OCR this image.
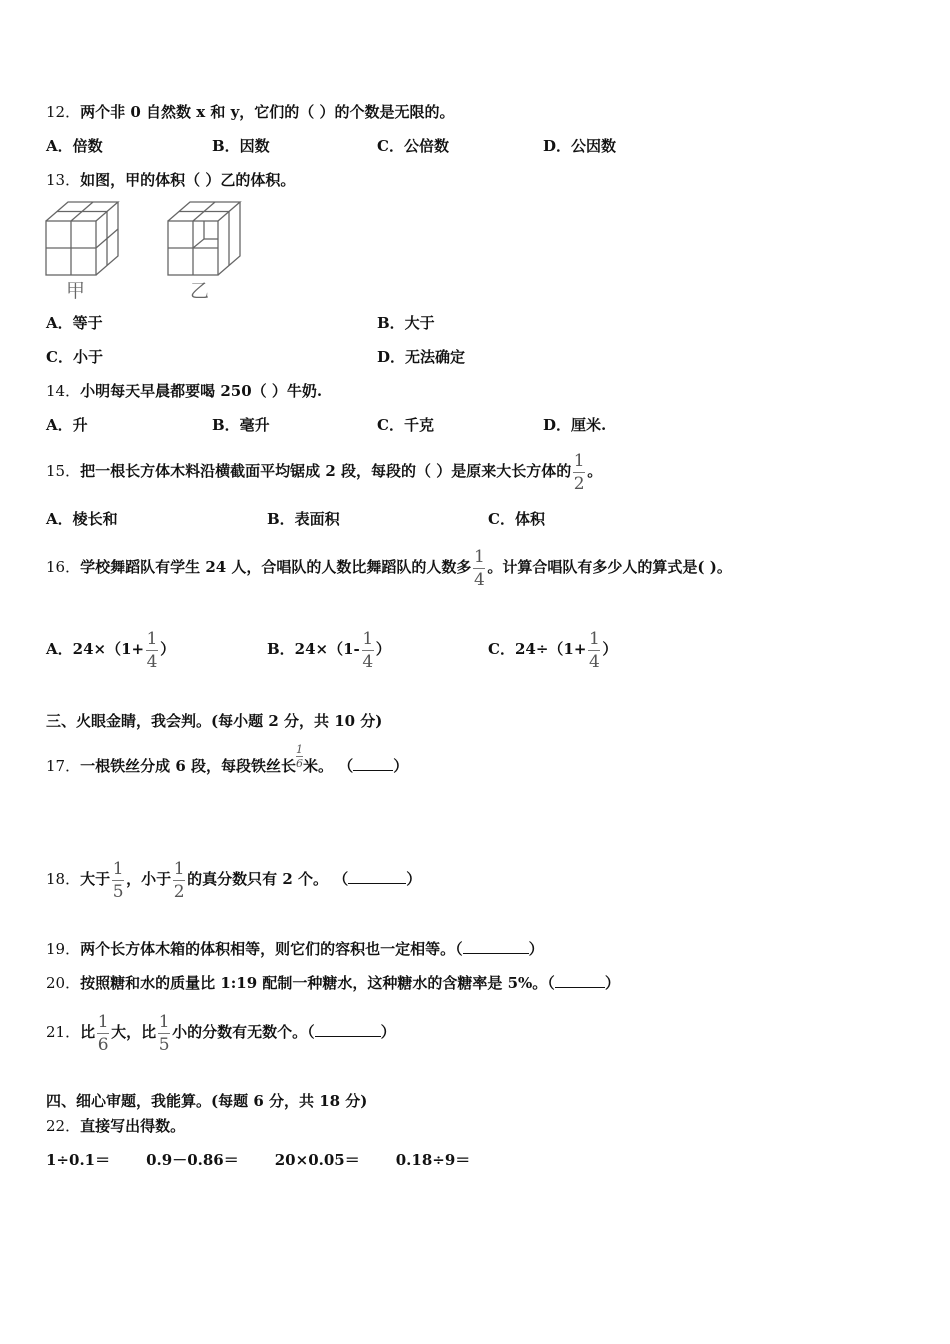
12．两个非 0 自然数 x 和 y，它们的（ ）的个数是无限的。
A．倍数	B．因数	C．公倍数	D．公因数
13．如图，甲的体积（ ）乙的体积。
甲	乙
A．等于	B．大于
C．小于	D．无法确定
14．小明每天早晨都要喝 250（ ）牛奶.
A．升	B．毫升	C．千克	D．厘米.
15．把一根长方体木料沿横截面平均锯成 2 段，每段的（ ）是原来大长方体的 $\frac{1}{2}$ 。
A．棱长和	B．表面积	C．体积
16．学校舞蹈队有学生 24 人，合唱队的人数比舞蹈队的人数多 $\frac{1}{4}$ 。计算合唱队有多少人的算式是( )。
A．$24\times(1+ \frac{1}{4}$ ）	B．$24\times(1- \frac{1}{4}$ ）	C．$24\div(1+ \frac{1}{4}$ ）
三、火眼金睛，我会判。(每小题 2 分，共 10 分)
17．一根铁丝分成 6 段，每段铁丝长 $\frac{1}{6}$ 米。 （	）
18．大于 $\frac{1}{5}$ ，小于 $\frac{1}{2}$ 的真分数只有 2 个。 （	）
19．两个长方体木箱的体积相等，则它们的容积也一定相等。（	）
20．按照糖和水的质量比 1:19 配制一种糖水，这种糖水的含糖率是 5%。（	）
21．比 $\frac{1}{6}$ 大，比 $\frac{1}{5}$ 小的分数有无数个。（	）
四、细心审题，我能算。(每题 6 分，共 18 分)
22．直接写出得数。
1÷0.1＝ 0.9－0.86＝ 20×0.05＝ 0.18÷9＝
